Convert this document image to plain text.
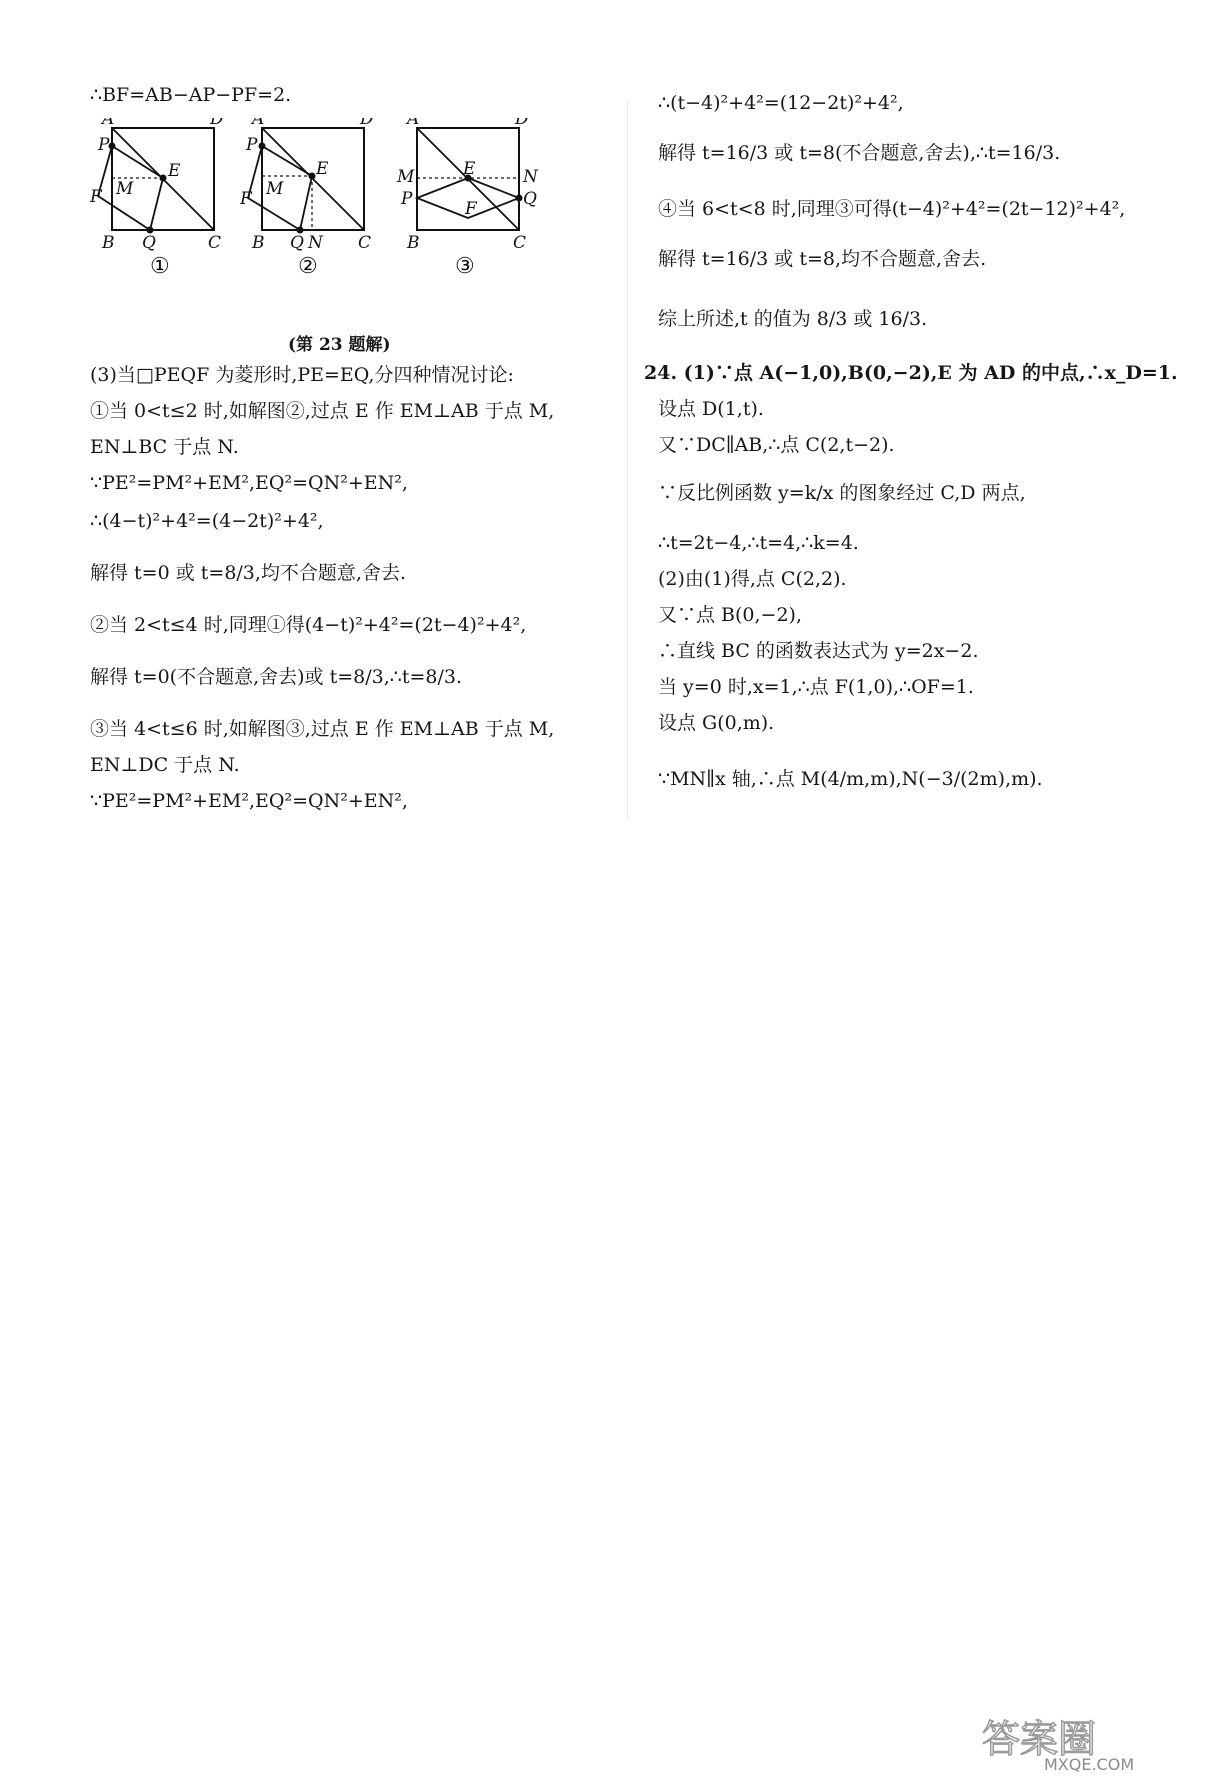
∴BF=AB−AP−PF=2.
A	D
P
E
M
F
B Q	C
①
A	D
P
E
M
F
B Q N C
②
A	D
M
P
E
F
N
Q
B	C
③
(第 23 题解)
(3)当□PEQF 为菱形时,PE=EQ,分四种情况讨论:
①当 0<t≤2 时,如解图②,过点 E 作 EM⊥AB 于点 M,
EN⊥BC 于点 N.
∵PE²=PM²+EM²,EQ²=QN²+EN²,
∴(4−t)²+4²=(4−2t)²+4²,
解得 t=0 或 t=8/3,均不合题意,舍去.
②当 2<t≤4 时,同理①得(4−t)²+4²=(2t−4)²+4²,
解得 t=0(不合题意,舍去)或 t=8/3,∴t=8/3.
③当 4<t≤6 时,如解图③,过点 E 作 EM⊥AB 于点 M,
EN⊥DC 于点 N.
∵PE²=PM²+EM²,EQ²=QN²+EN²,
∴(t−4)²+4²=(12−2t)²+4²,
解得 t=16/3 或 t=8(不合题意,舍去),∴t=16/3.
④当 6<t<8 时,同理③可得(t−4)²+4²=(2t−12)²+4²,
解得 t=16/3 或 t=8,均不合题意,舍去.
综上所述,t 的值为 8/3 或 16/3.
24. (1)∵点 A(−1,0),B(0,−2),E 为 AD 的中点,∴x_D=1.
设点 D(1,t).
又∵DC∥AB,∴点 C(2,t−2).
∵反比例函数 y=k/x 的图象经过 C,D 两点,
∴t=2t−4,∴t=4,∴k=4.
(2)由(1)得,点 C(2,2).
又∵点 B(0,−2),
∴直线 BC 的函数表达式为 y=2x−2.
当 y=0 时,x=1,∴点 F(1,0),∴OF=1.
设点 G(0,m).
∵MN∥x 轴,∴点 M(4/m,m),N(−3/(2m),m).
答案圈
MXQE.COM
